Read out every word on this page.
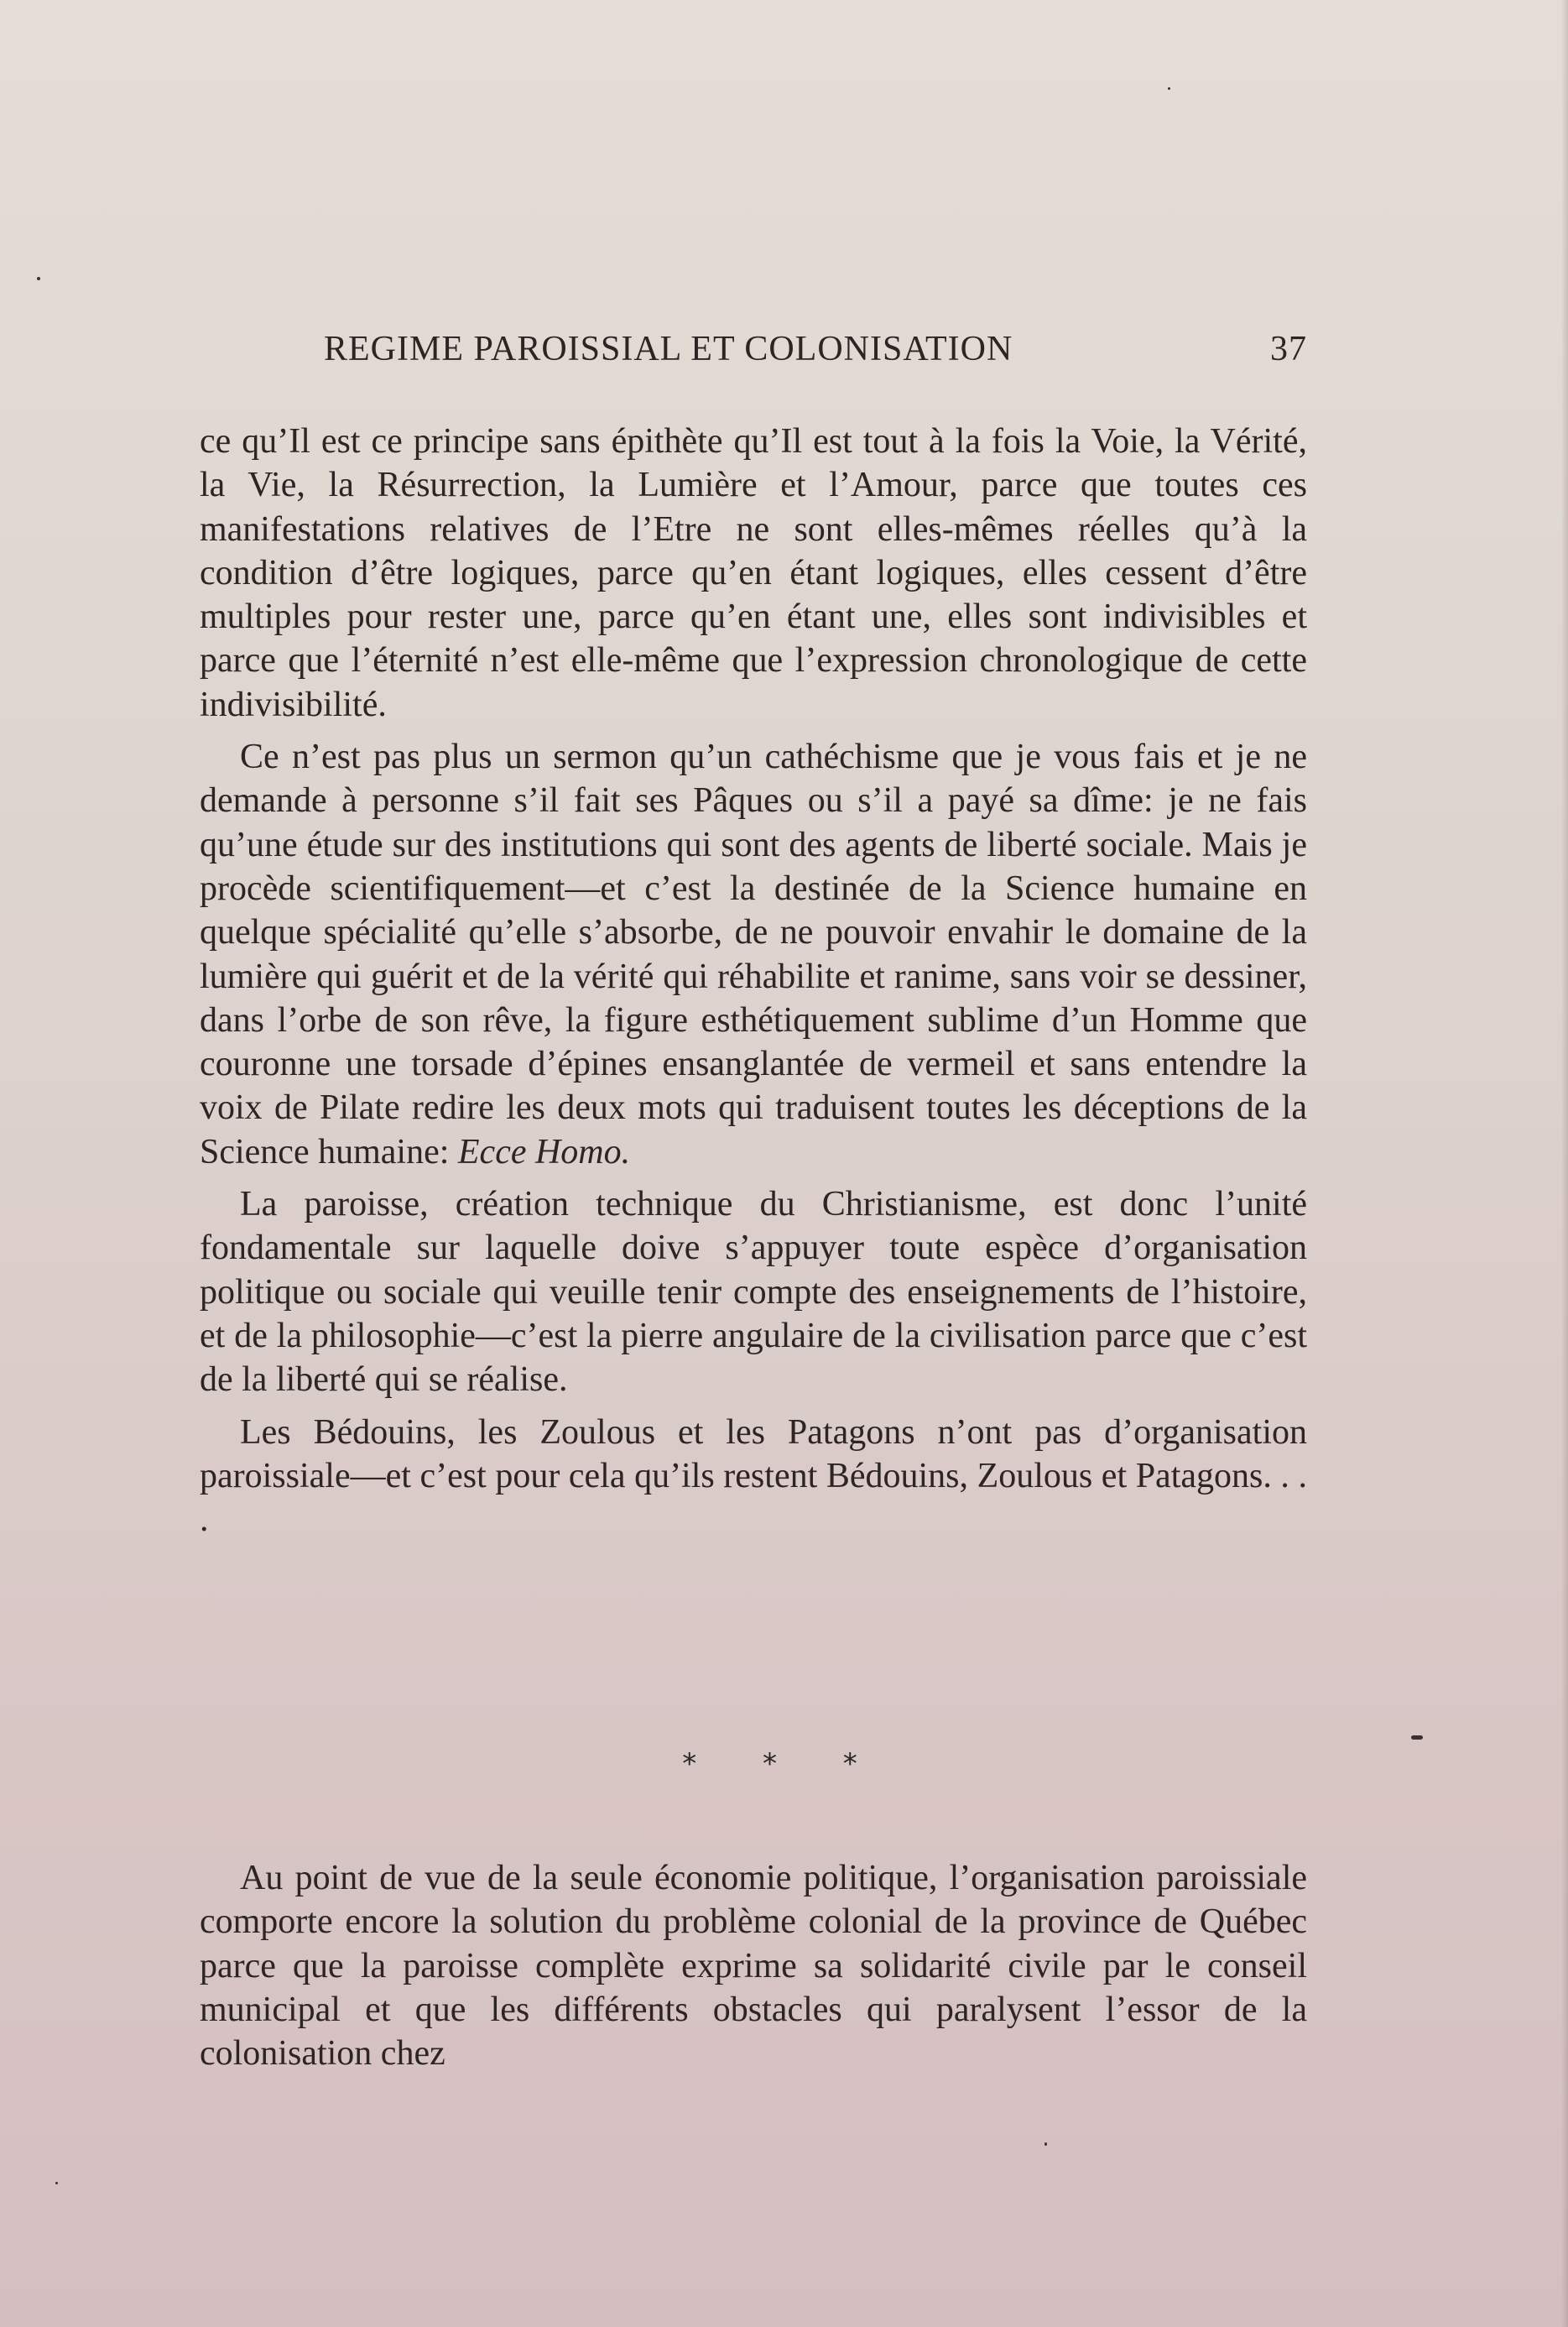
REGIME PAROISSIAL ET COLONISATION	37

ce qu’Il est ce principe sans épithète qu’Il est tout à la fois la Voie, la Vérité, la Vie, la Résurrection, la Lumière et l’Amour, parce que toutes ces manifestations relatives de l’Etre ne sont elles-mêmes réelles qu’à la condition d’être logiques, parce qu’en étant logiques, elles cessent d’être multiples pour rester une, parce qu’en étant une, elles sont indivisibles et parce que l’éternité n’est elle-même que l’expression chronologique de cette indivisibilité.

Ce n’est pas plus un sermon qu’un cathéchisme que je vous fais et je ne demande à personne s’il fait ses Pâques ou s’il a payé sa dîme: je ne fais qu’une étude sur des institutions qui sont des agents de liberté sociale. Mais je procède scientifiquement—et c’est la destinée de la Science humaine en quelque spécialité qu’elle s’absorbe, de ne pouvoir envahir le domaine de la lumière qui guérit et de la vérité qui réhabilite et ranime, sans voir se dessiner, dans l’orbe de son rêve, la figure esthétiquement sublime d’un Homme que couronne une torsade d’épines ensanglantée de vermeil et sans entendre la voix de Pilate redire les deux mots qui traduisent toutes les déceptions de la Science humaine: Ecce Homo.

La paroisse, création technique du Christianisme, est donc l’unité fondamentale sur laquelle doive s’appuyer toute espèce d’organisation politique ou sociale qui veuille tenir compte des enseignements de l’histoire, et de la philosophie—c’est la pierre angulaire de la civilisation parce que c’est de la liberté qui se réalise.

Les Bédouins, les Zoulous et les Patagons n’ont pas d’organisation paroissiale—et c’est pour cela qu’ils restent Bédouins, Zoulous et Patagons. . . .

* * *

Au point de vue de la seule économie politique, l’organisation paroissiale comporte encore la solution du problème colonial de la province de Québec parce que la paroisse complète exprime sa solidarité civile par le conseil municipal et que les différents obstacles qui paralysent l’essor de la colonisation chez
